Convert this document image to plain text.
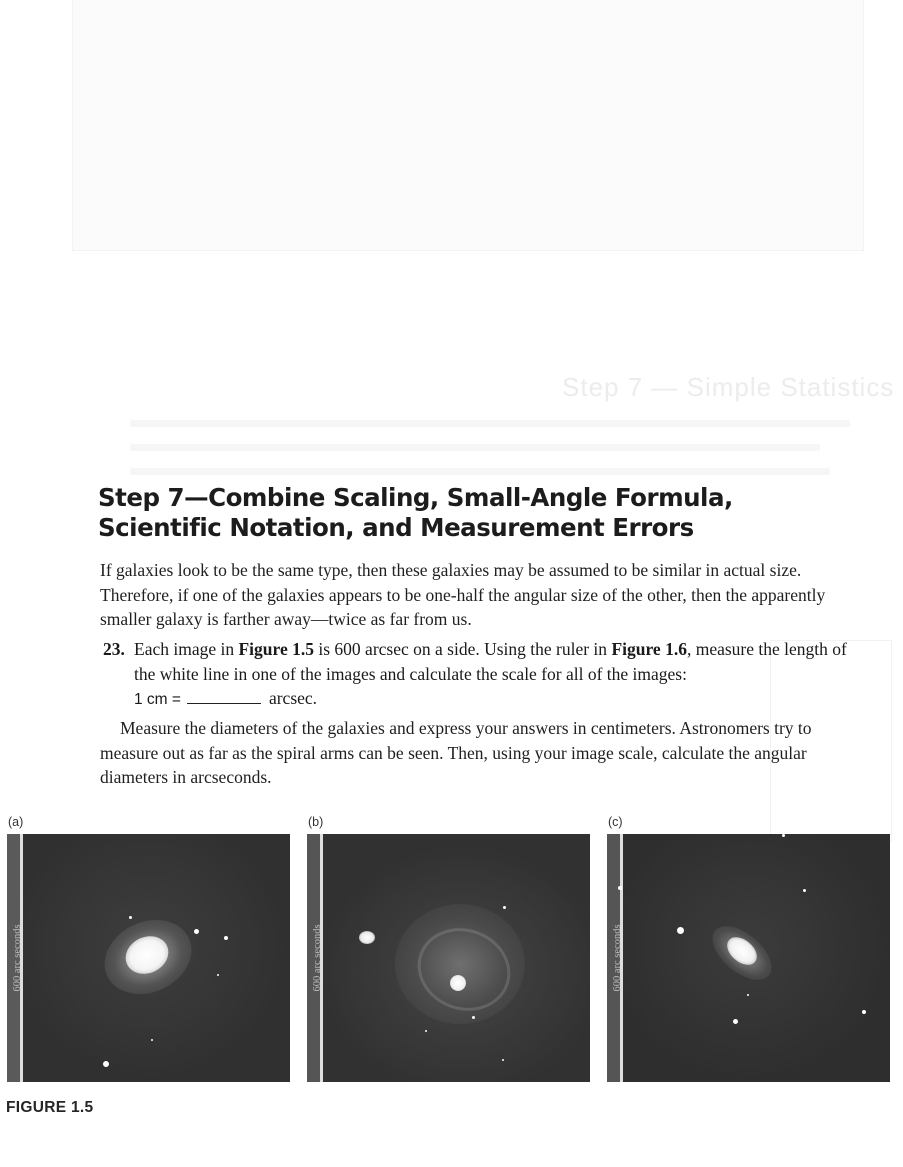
Step 7 — Simple Statistics
Step 7—Combine Scaling, Small-Angle Formula,
Scientific Notation, and Measurement Errors

If galaxies look to be the same type, then these galaxies may be assumed to be similar in actual size. Therefore, if one of the galaxies appears to be one-half the angular size of the other, then the apparently smaller galaxy is farther away—twice as far from us.

23. Each image in Figure 1.5 is 600 arcsec on a side. Using the ruler in Figure 1.6, measure the length of the white line in one of the images and calculate the scale for all of the images:
1 cm =	arcsec.

Measure the diameters of the galaxies and express your answers in centimeters. Astronomers try to measure out as far as the spiral arms can be seen. Then, using your image scale, calculate the angular diameters in arcseconds.

(a)	(b)	(c)
600 arc seconds	600 arc seconds	600 arc seconds
FIGURE 1.5
